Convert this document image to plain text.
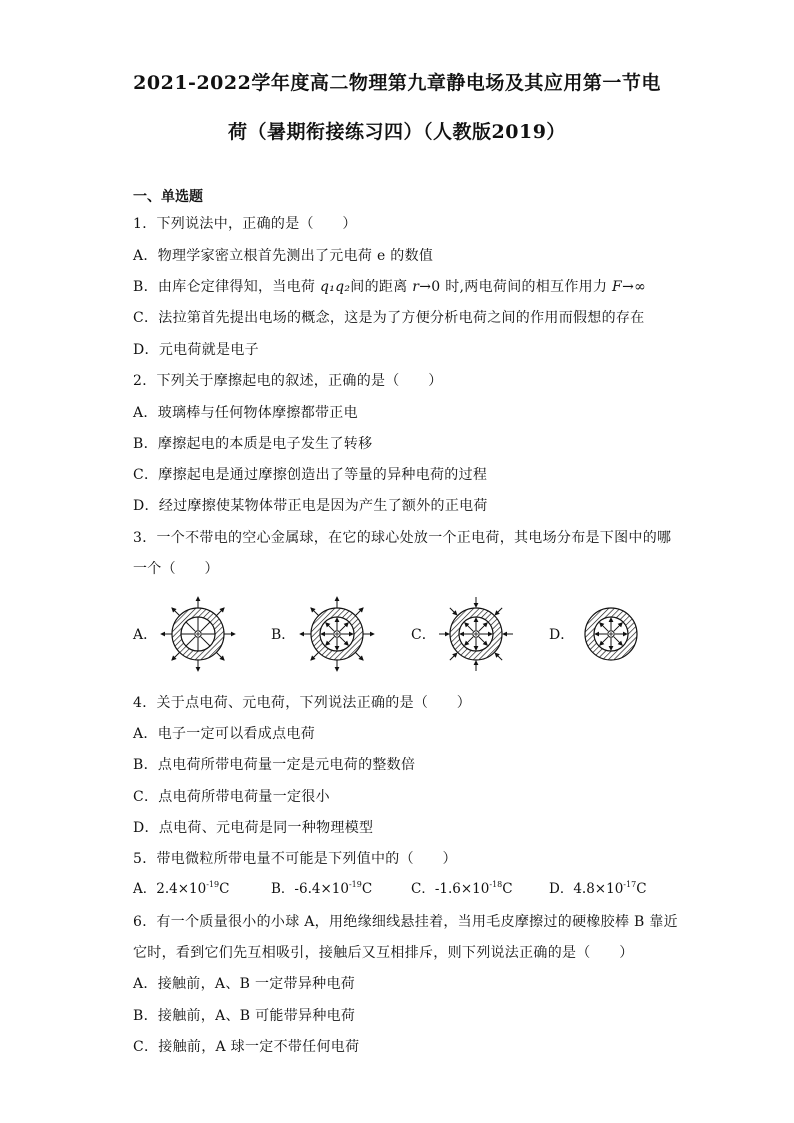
2021-2022学年度高二物理第九章静电场及其应用第一节电
荷（暑期衔接练习四）（人教版2019）
一、单选题
1．下列说法中，正确的是（　　）
A．物理学家密立根首先测出了元电荷 e 的数值
B．由库仑定律得知，当电荷 q₁q₂间的距离 r→0 时,两电荷间的相互作用力 F→∞
C．法拉第首先提出电场的概念，这是为了方便分析电荷之间的作用而假想的存在
D．元电荷就是电子
2．下列关于摩擦起电的叙述，正确的是（　　）
A．玻璃棒与任何物体摩擦都带正电
B．摩擦起电的本质是电子发生了转移
C．摩擦起电是通过摩擦创造出了等量的异种电荷的过程
D．经过摩擦使某物体带正电是因为产生了额外的正电荷
3．一个不带电的空心金属球，在它的球心处放一个正电荷，其电场分布是下图中的哪
一个（　　）
A．	B．	C．	D．
4．关于点电荷、元电荷，下列说法正确的是（　　）
A．电子一定可以看成点电荷
B．点电荷所带电荷量一定是元电荷的整数倍
C．点电荷所带电荷量一定很小
D．点电荷、元电荷是同一种物理模型
5．带电微粒所带电量不可能是下列值中的（　　）
A．$2.4\times 10^{-19}C$	B．$-6.4\times 10^{-19}C$	C．$-1.6\times 10^{-18}C$	D．$4.8\times 10^{-17}C$
6．有一个质量很小的小球 A，用绝缘细线悬挂着，当用毛皮摩擦过的硬橡胶棒 B 靠近
它时，看到它们先互相吸引，接触后又互相排斥，则下列说法正确的是（　　）
A．接触前，A、B 一定带异种电荷
B．接触前，A、B 可能带异种电荷
C．接触前，A 球一定不带任何电荷
